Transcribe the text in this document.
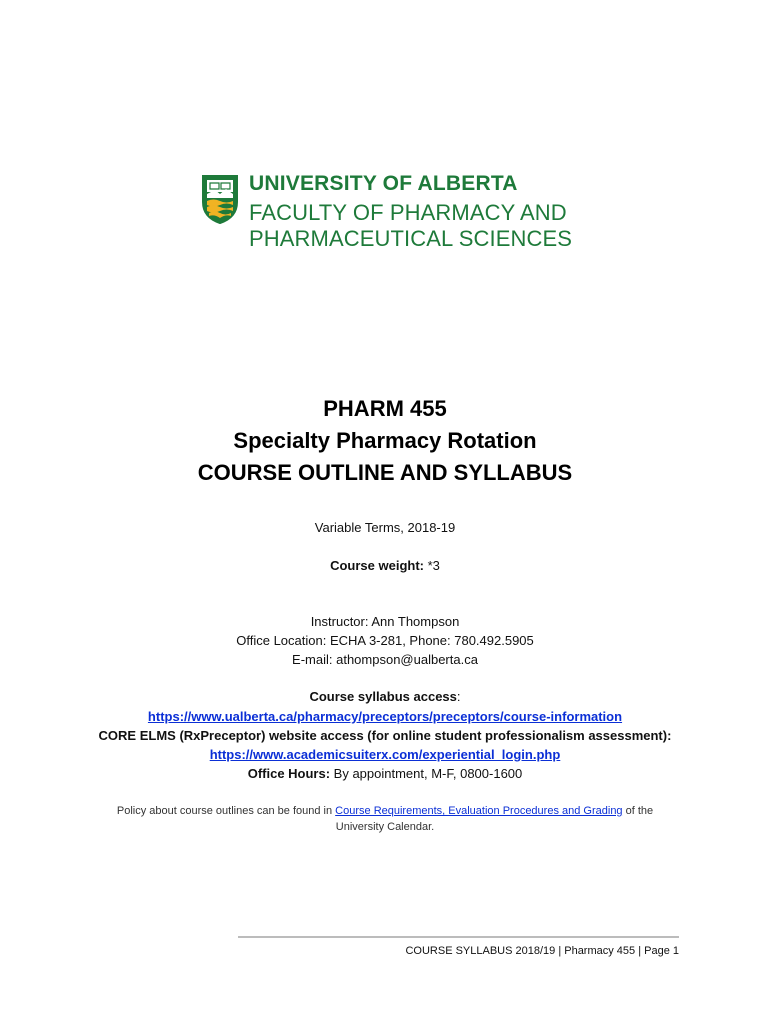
UNIVERSITY OF ALBERTA
FACULTY OF PHARMACY AND
PHARMACEUTICAL SCIENCES
PHARM 455
Specialty Pharmacy Rotation
COURSE OUTLINE AND SYLLABUS
Variable Terms, 2018-19
Course weight: *3
Instructor: Ann Thompson
Office Location: ECHA 3-281, Phone: 780.492.5905
E-mail: athompson@ualberta.ca
Course syllabus access:
https://www.ualberta.ca/pharmacy/preceptors/preceptors/course-information
CORE ELMS (RxPreceptor) website access (for online student professionalism assessment):
https://www.academicsuiterx.com/experiential_login.php
Office Hours: By appointment, M-F, 0800-1600
Policy about course outlines can be found in Course Requirements, Evaluation Procedures and Grading of the University Calendar.
COURSE SYLLABUS 2018/19 | Pharmacy 455 | Page 1
